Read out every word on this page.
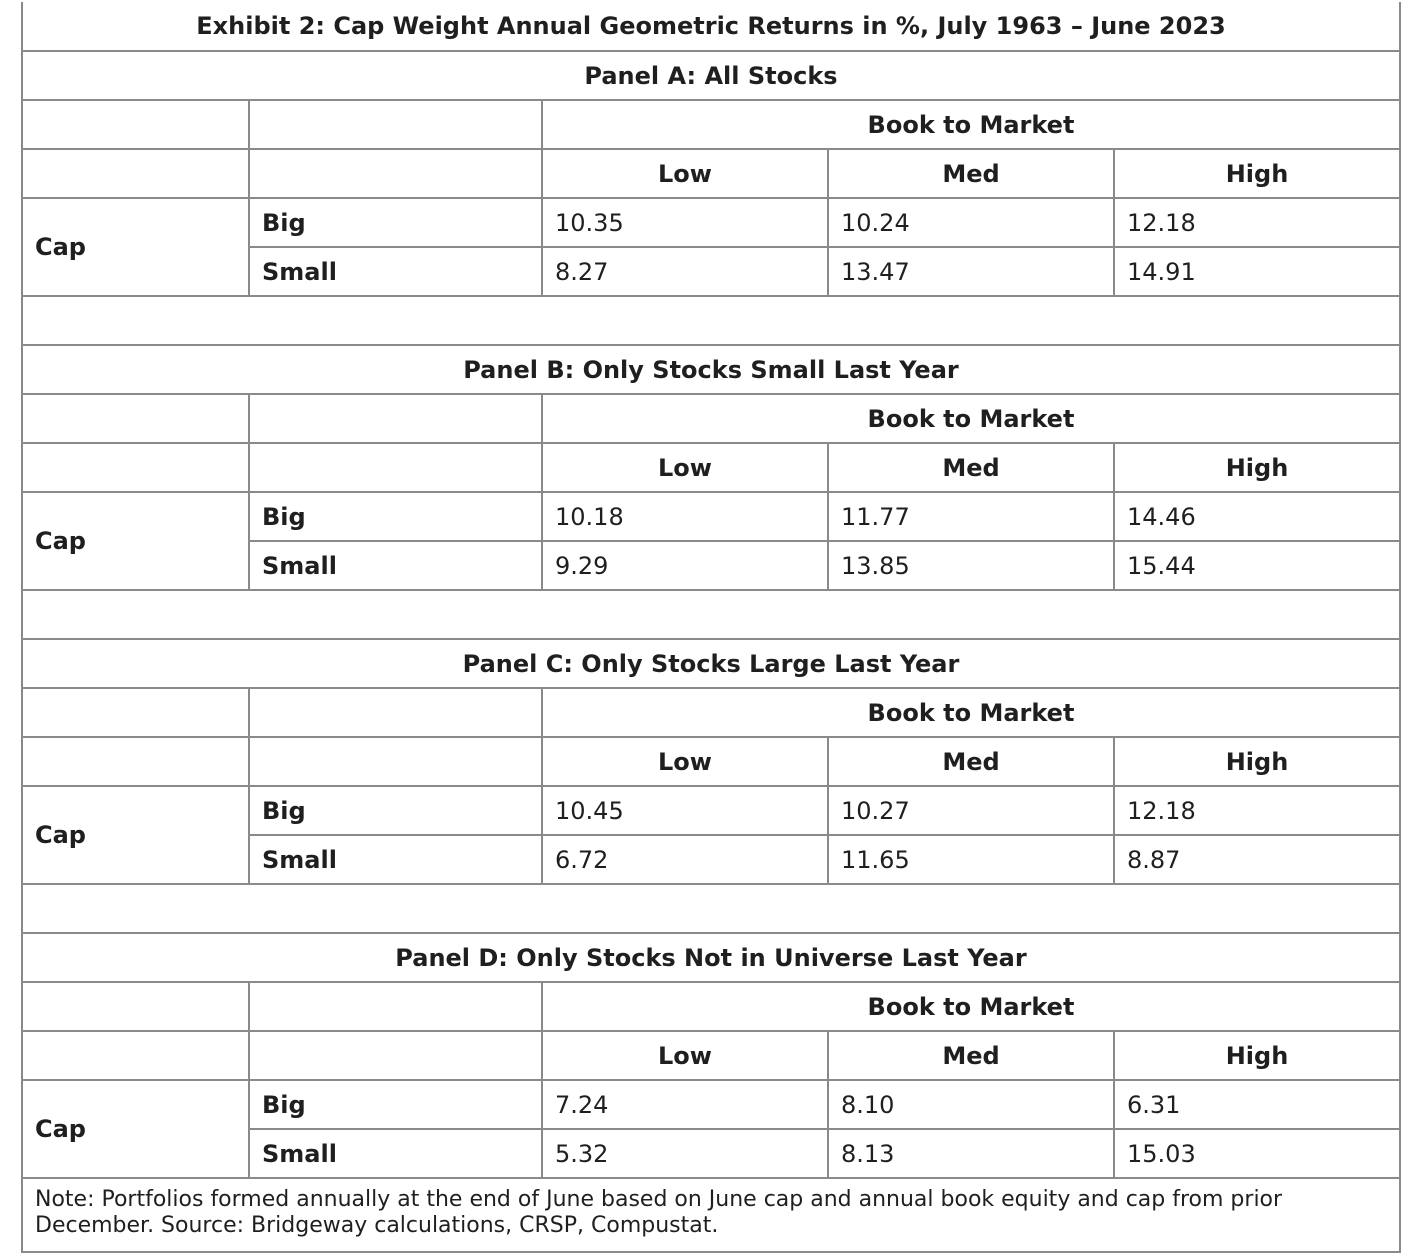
Exhibit 2: Cap Weight Annual Geometric Returns in %, July 1963 – June 2023				
Panel A: All Stocks				
		Book to Market		
		Low	Med	High
Cap	Big	10.35	10.24	12.18
	Small	8.27	13.47	14.91

Panel B: Only Stocks Small Last Year				
		Book to Market		
		Low	Med	High
Cap	Big	10.18	11.77	14.46
	Small	9.29	13.85	15.44

Panel C: Only Stocks Large Last Year				
		Book to Market		
		Low	Med	High
Cap	Big	10.45	10.27	12.18
	Small	6.72	11.65	8.87

Panel D: Only Stocks Not in Universe Last Year				
		Book to Market		
		Low	Med	High
Cap	Big	7.24	8.10	6.31
	Small	5.32	8.13	15.03
Note: Portfolios formed annually at the end of June based on June cap and annual book equity and cap from prior December. Source: Bridgeway calculations, CRSP, Compustat.				
